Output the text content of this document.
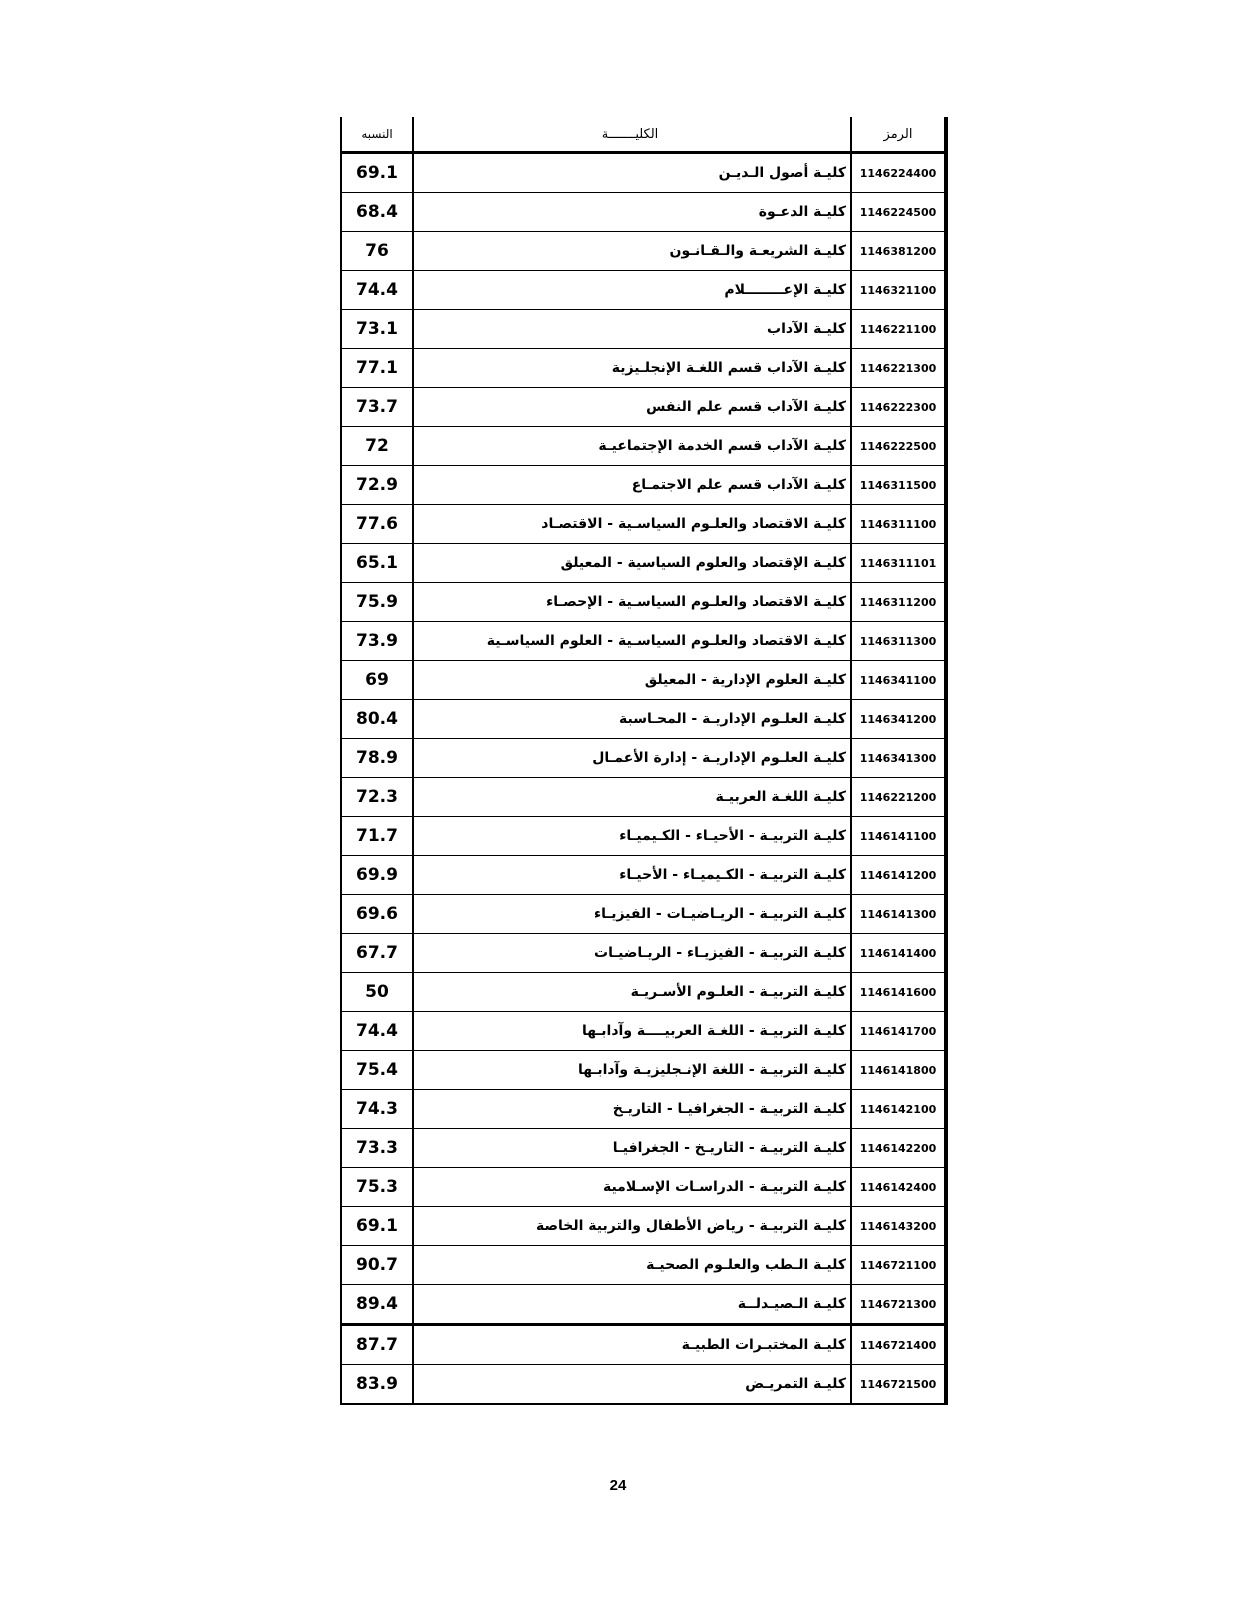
الرمز	الكليـــــــة	النسبه
1146224400	كليـة أصول الـديـن	69.1
1146224500	كليـة الدعـوة	68.4
1146381200	كليـة الشريعـة والـقـانـون	76
1146321100	كليـة الإعــــــــلام	74.4
1146221100	كليـة الآداب	73.1
1146221300	كليـة الآداب قسم اللغـة الإنجلـيزية	77.1
1146222300	كليـة الآداب قسم علم النفس	73.7
1146222500	كليـة الآداب قسم الخدمة الإجتماعيـة	72
1146311500	كليـة الآداب قسم علم الاجتمـاع	72.9
1146311100	كليـة الاقتصاد والعلـوم السياسـية - الاقتصـاد	77.6
1146311101	كليـة الإقتصاد والعلوم السياسية - المعيلق	65.1
1146311200	كليـة الاقتصاد والعلـوم السياسـية - الإحصـاء	75.9
1146311300	كليـة الاقتصاد والعلـوم السياسـية - العلوم السياسـية	73.9
1146341100	كليـة العلوم الإدارية - المعيلق	69
1146341200	كليـة العلـوم الإداريـة - المحـاسبة	80.4
1146341300	كليـة العلـوم الإداريـة - إدارة الأعمـال	78.9
1146221200	كليـة اللغـة العربيـة	72.3
1146141100	كليـة التربيـة - الأحيـاء - الكـيميـاء	71.7
1146141200	كليـة التربيـة - الكـيميـاء - الأحيـاء	69.9
1146141300	كليـة التربيـة - الريـاضيـات - الفيزيـاء	69.6
1146141400	كليـة التربيـة - الفيزيـاء - الريـاضيـات	67.7
1146141600	كليـة التربيـة - العلـوم الأسـريـة	50
1146141700	كليـة التربيـة - اللغـة العربيــــة وآدابـها	74.4
1146141800	كليـة التربيـة - اللغة الإنـجليزيـة وآدابـها	75.4
1146142100	كليـة التربيـة - الجغرافيـا - التاريـخ	74.3
1146142200	كليـة التربيـة - التاريـخ - الجغرافيـا	73.3
1146142400	كليـة التربيـة - الدراسـات الإسـلامية	75.3
1146143200	كليـة التربيـة - رياض الأطفال والتربية الخاصة	69.1
1146721100	كليـة الـطب والعلـوم الصحيـة	90.7
1146721300	كليـة الـصيـدلــة	89.4
1146721400	كليـة المختبـرات الطبيـة	87.7
1146721500	كليـة التمريـض	83.9
24
